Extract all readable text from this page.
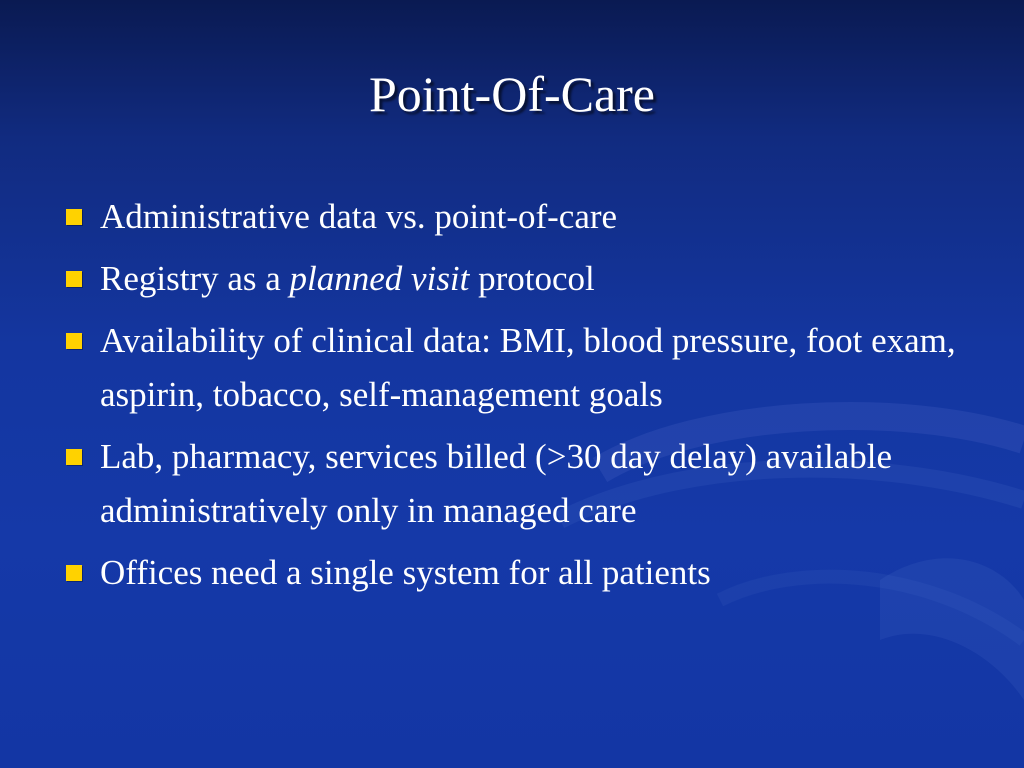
Point-Of-Care
Administrative data vs. point-of-care
Registry as a planned visit protocol
Availability of clinical data: BMI, blood pressure, foot exam, aspirin, tobacco, self-management goals
Lab, pharmacy, services billed (>30 day delay) available administratively only in managed care
Offices need a single system for all patients
